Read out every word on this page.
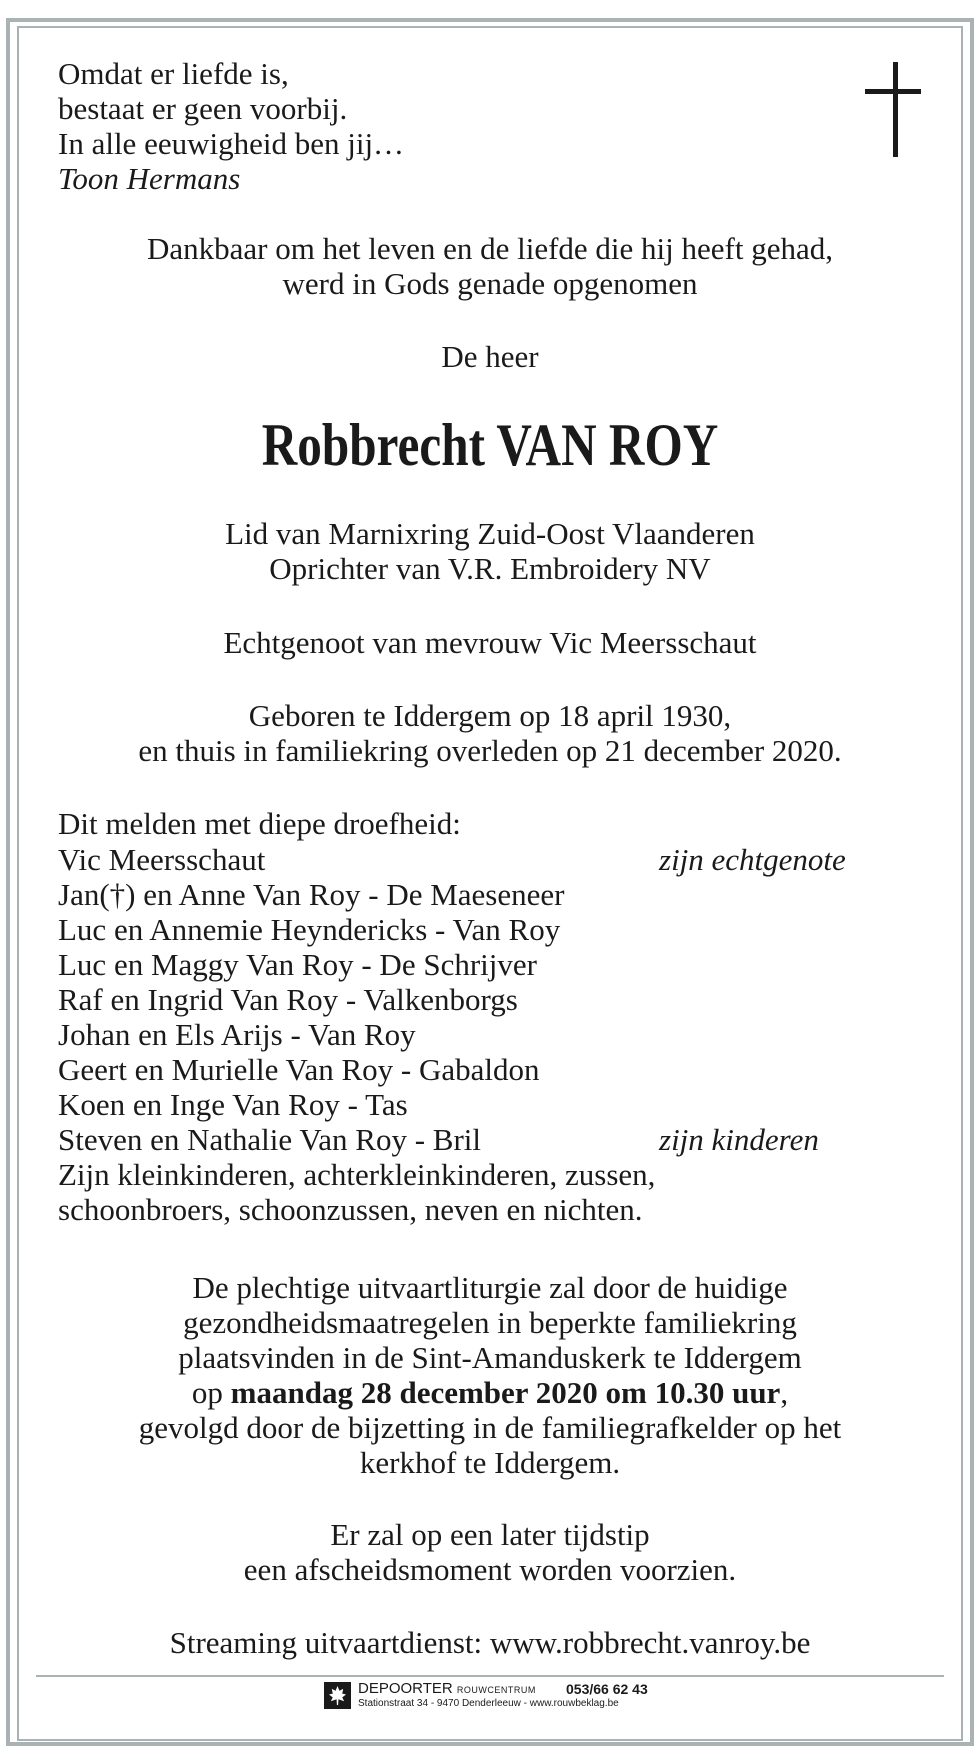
Omdat er liefde is,

bestaat er geen voorbij.

In alle eeuwigheid ben jij…

Toon Hermans

Dankbaar om het leven en de liefde die hij heeft gehad,

werd in Gods genade opgenomen

De heer

Robbrecht VAN ROY

Lid van Marnixring Zuid-Oost Vlaanderen

Oprichter van V.R. Embroidery NV

Echtgenoot van mevrouw Vic Meersschaut

Geboren te Iddergem op 18 april 1930,

en thuis in familiekring overleden op 21 december 2020.

Dit melden met diepe droefheid:

Vic Meersschaut	zijn echtgenote

Jan(†) en Anne Van Roy - De Maeseneer

Luc en Annemie Heyndericks - Van Roy

Luc en Maggy Van Roy - De Schrijver

Raf en Ingrid Van Roy - Valkenborgs

Johan en Els Arijs - Van Roy

Geert en Murielle Van Roy - Gabaldon

Koen en Inge Van Roy - Tas

Steven en Nathalie Van Roy - Bril	zijn kinderen

Zijn kleinkinderen, achterkleinkinderen, zussen,

schoonbroers, schoonzussen, neven en nichten.

De plechtige uitvaartliturgie zal door de huidige

gezondheidsmaatregelen in beperkte familiekring

plaatsvinden in de Sint-Amanduskerk te Iddergem

op maandag 28 december 2020 om 10.30 uur,

gevolgd door de bijzetting in de familiegrafkelder op het

kerkhof te Iddergem.

Er zal op een later tijdstip

een afscheidsmoment worden voorzien.

Streaming uitvaartdienst: www.robbrecht.vanroy.be

DEPOORTER ROUWCENTRUM 053/66 62 43
Stationstraat 34 - 9470 Denderleeuw - www.rouwbeklag.be
